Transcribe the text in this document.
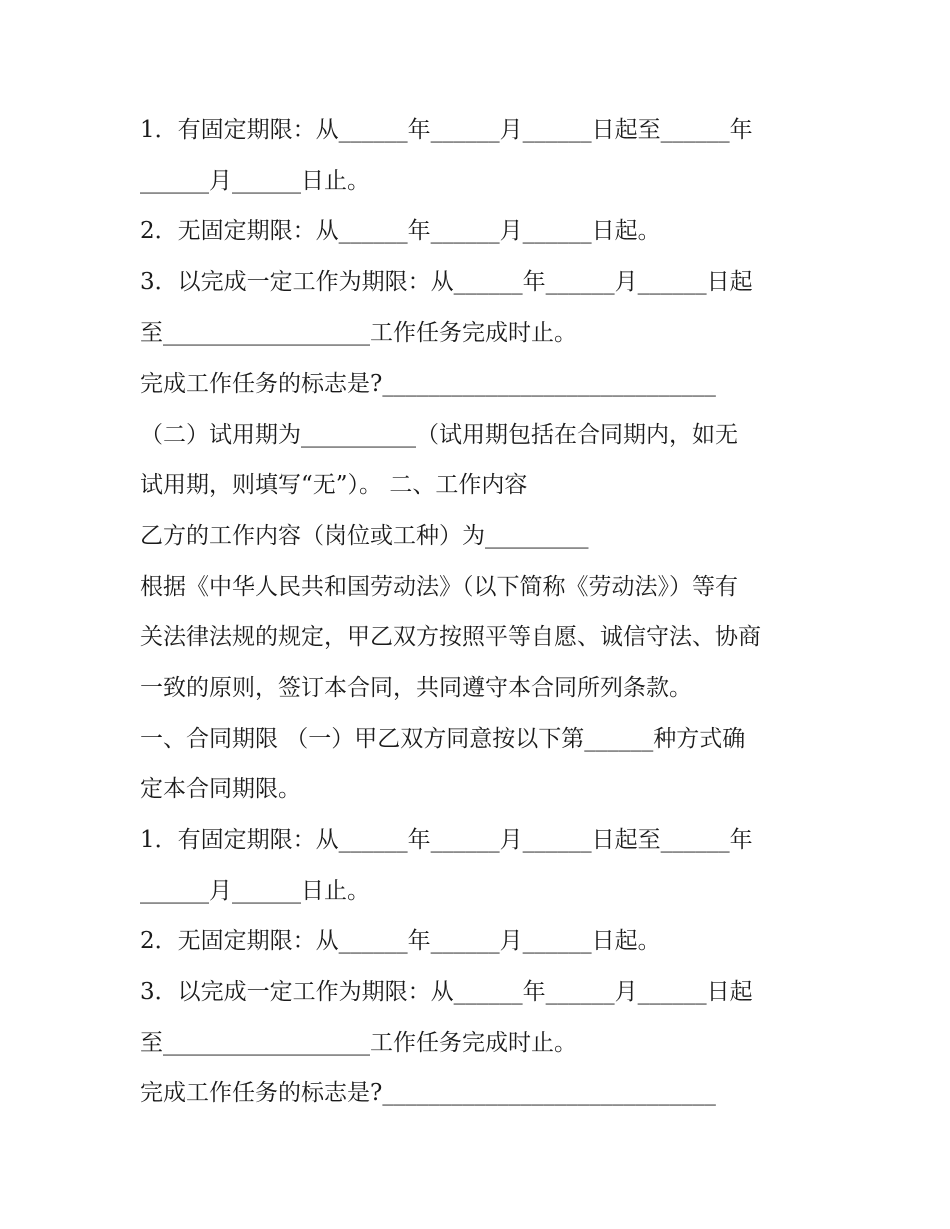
1．有固定期限：从______年______月______日起至______年
______月______日止。
2．无固定期限：从______年______月______日起。
3．以完成一定工作为期限：从______年______月______日起
至__________________工作任务完成时止。
完成工作任务的标志是?_____________________________
（二）试用期为__________（试用期包括在合同期内，如无
试用期，则填写“无”）。 二、工作内容
乙方的工作内容（岗位或工种）为_________
根据《中华人民共和国劳动法》（以下简称《劳动法》）等有
关法律法规的规定，甲乙双方按照平等自愿、诚信守法、协商
一致的原则，签订本合同，共同遵守本合同所列条款。
一、合同期限 （一）甲乙双方同意按以下第______种方式确
定本合同期限。
1．有固定期限：从______年______月______日起至______年
______月______日止。
2．无固定期限：从______年______月______日起。
3．以完成一定工作为期限：从______年______月______日起
至__________________工作任务完成时止。
完成工作任务的标志是?_____________________________
